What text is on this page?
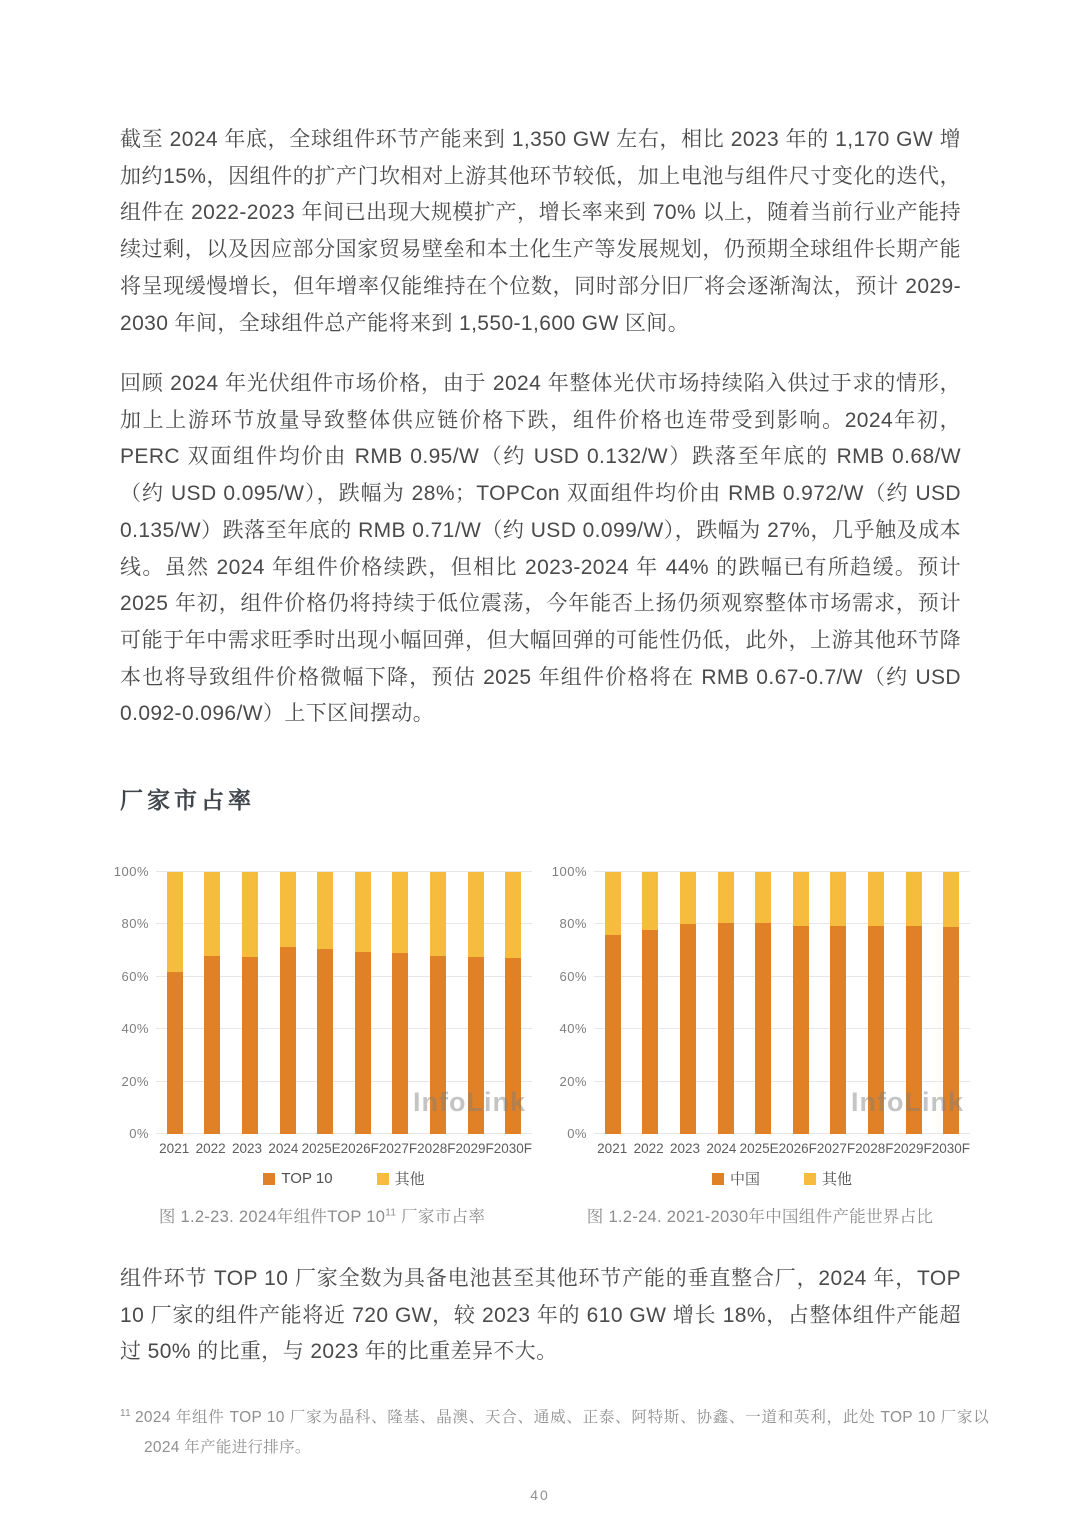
截至 2024 年底，全球组件环节产能来到 1,350 GW 左右，相比 2023 年的 1,170 GW 增加约15%，因组件的扩产门坎相对上游其他环节较低，加上电池与组件尺寸变化的迭代，组件在 2022-2023 年间已出现大规模扩产，增长率来到 70% 以上，随着当前行业产能持续过剩，以及因应部分国家贸易壁垒和本土化生产等发展规划，仍预期全球组件长期产能将呈现缓慢增长，但年增率仅能维持在个位数，同时部分旧厂将会逐渐淘汰，预计 2029-2030 年间，全球组件总产能将来到 1,550-1,600 GW 区间。

回顾 2024 年光伏组件市场价格，由于 2024 年整体光伏市场持续陷入供过于求的情形，加上上游环节放量导致整体供应链价格下跌，组件价格也连带受到影响。2024年初，PERC 双面组件均价由 RMB 0.95/W（约 USD 0.132/W）跌落至年底的 RMB 0.68/W（约 USD 0.095/W），跌幅为 28%；TOPCon 双面组件均价由 RMB 0.972/W（约 USD 0.135/W）跌落至年底的 RMB 0.71/W（约 USD 0.099/W），跌幅为 27%，几乎触及成本线。虽然 2024 年组件价格续跌，但相比 2023-2024 年 44% 的跌幅已有所趋缓。预计 2025 年初，组件价格仍将持续于低位震荡，今年能否上扬仍须观察整体市场需求，预计可能于年中需求旺季时出现小幅回弹，但大幅回弹的可能性仍低，此外，上游其他环节降本也将导致组件价格微幅下降，预估 2025 年组件价格将在 RMB 0.67-0.7/W（约 USD 0.092-0.096/W）上下区间摆动。

厂家市占率
0%
20%
40%
60%
80%
100%
InfoLink
2021 2022 2023 2024 2025E 2026F 2027F 2028F 2029F 2030F
TOP 10	其他
0%
20%
40%
60%
80%
100%
InfoLink
2021 2022 2023 2024 2025E 2026F 2027F 2028F 2029F 2030F
中国	其他
图 1.2-23. 2024年组件TOP $10^{11}$ 厂家市占率	图 1.2-24. 2021-2030年中国组件产能世界占比

组件环节 TOP 10 厂家全数为具备电池甚至其他环节产能的垂直整合厂，2024 年，TOP 10 厂家的组件产能将近 720 GW，较 2023 年的 610 GW 增长 18%，占整体组件产能超过 50% 的比重，与 2023 年的比重差异不大。

$^{11}$ 2024 年组件 TOP 10 厂家为晶科、隆基、晶澳、天合、通威、正泰、阿特斯、协鑫、一道和英利，此处 TOP 10 厂家以 2024 年产能进行排序。
40
